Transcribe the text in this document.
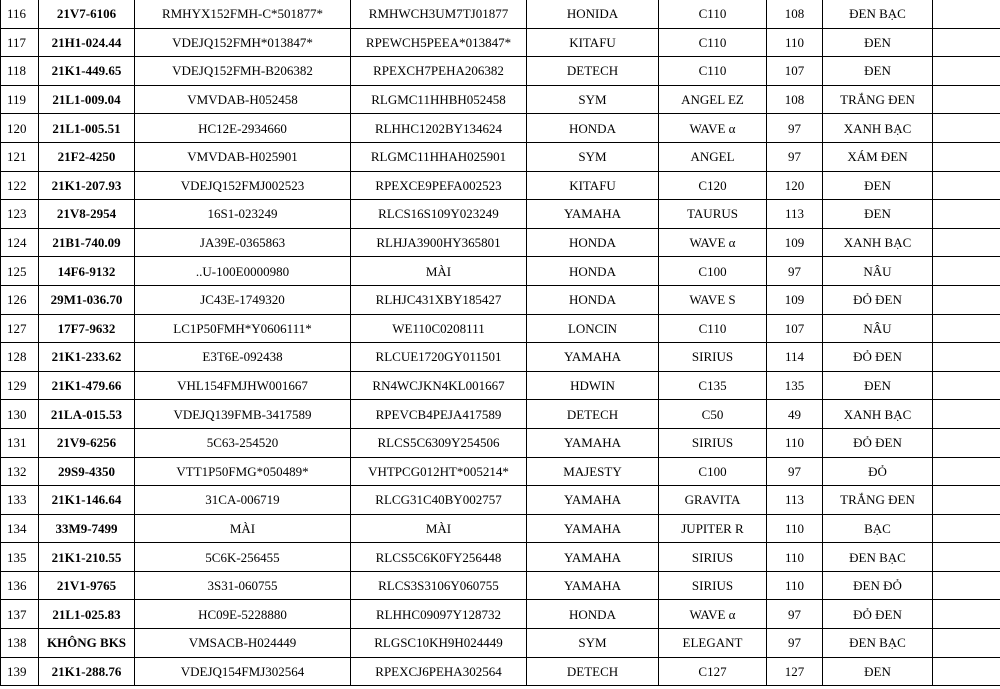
116	21V7-6106	RMHYX152FMH-C*501877*	RMHWCH3UM7TJ01877	HONIDA	C110	108	ĐEN BẠC	
117	21H1-024.44	VDEJQ152FMH*013847*	RPEWCH5PEEA*013847*	KITAFU	C110	110	ĐEN	
118	21K1-449.65	VDEJQ152FMH-B206382	RPEXCH7PEHA206382	DETECH	C110	107	ĐEN	
119	21L1-009.04	VMVDAB-H052458	RLGMC11HHBH052458	SYM	ANGEL EZ	108	TRẮNG ĐEN	
120	21L1-005.51	HC12E-2934660	RLHHC1202BY134624	HONDA	WAVE α	97	XANH BẠC	
121	21F2-4250	VMVDAB-H025901	RLGMC11HHAH025901	SYM	ANGEL	97	XÁM ĐEN	
122	21K1-207.93	VDEJQ152FMJ002523	RPEXCE9PEFA002523	KITAFU	C120	120	ĐEN	
123	21V8-2954	16S1-023249	RLCS16S109Y023249	YAMAHA	TAURUS	113	ĐEN	
124	21B1-740.09	JA39E-0365863	RLHJA3900HY365801	HONDA	WAVE α	109	XANH BẠC	
125	14F6-9132	..U-100E0000980	MÀI	HONDA	C100	97	NÂU	
126	29M1-036.70	JC43E-1749320	RLHJC431XBY185427	HONDA	WAVE S	109	ĐỎ ĐEN	
127	17F7-9632	LC1P50FMH*Y0606111*	WE110C0208111	LONCIN	C110	107	NÂU	
128	21K1-233.62	E3T6E-092438	RLCUE1720GY011501	YAMAHA	SIRIUS	114	ĐỎ ĐEN	
129	21K1-479.66	VHL154FMJHW001667	RN4WCJKN4KL001667	HDWIN	C135	135	ĐEN	
130	21LA-015.53	VDEJQ139FMB-3417589	RPEVCB4PEJA417589	DETECH	C50	49	XANH BẠC	
131	21V9-6256	5C63-254520	RLCS5C6309Y254506	YAMAHA	SIRIUS	110	ĐỎ ĐEN	
132	29S9-4350	VTT1P50FMG*050489*	VHTPCG012HT*005214*	MAJESTY	C100	97	ĐỎ	
133	21K1-146.64	31CA-006719	RLCG31C40BY002757	YAMAHA	GRAVITA	113	TRẮNG ĐEN	
134	33M9-7499	MÀI	MÀI	YAMAHA	JUPITER R	110	BẠC	
135	21K1-210.55	5C6K-256455	RLCS5C6K0FY256448	YAMAHA	SIRIUS	110	ĐEN BẠC	
136	21V1-9765	3S31-060755	RLCS3S3106Y060755	YAMAHA	SIRIUS	110	ĐEN ĐỎ	
137	21L1-025.83	HC09E-5228880	RLHHC09097Y128732	HONDA	WAVE α	97	ĐỎ ĐEN	
138	KHÔNG BKS	VMSACB-H024449	RLGSC10KH9H024449	SYM	ELEGANT	97	ĐEN BẠC	
139	21K1-288.76	VDEJQ154FMJ302564	RPEXCJ6PEHA302564	DETECH	C127	127	ĐEN	
